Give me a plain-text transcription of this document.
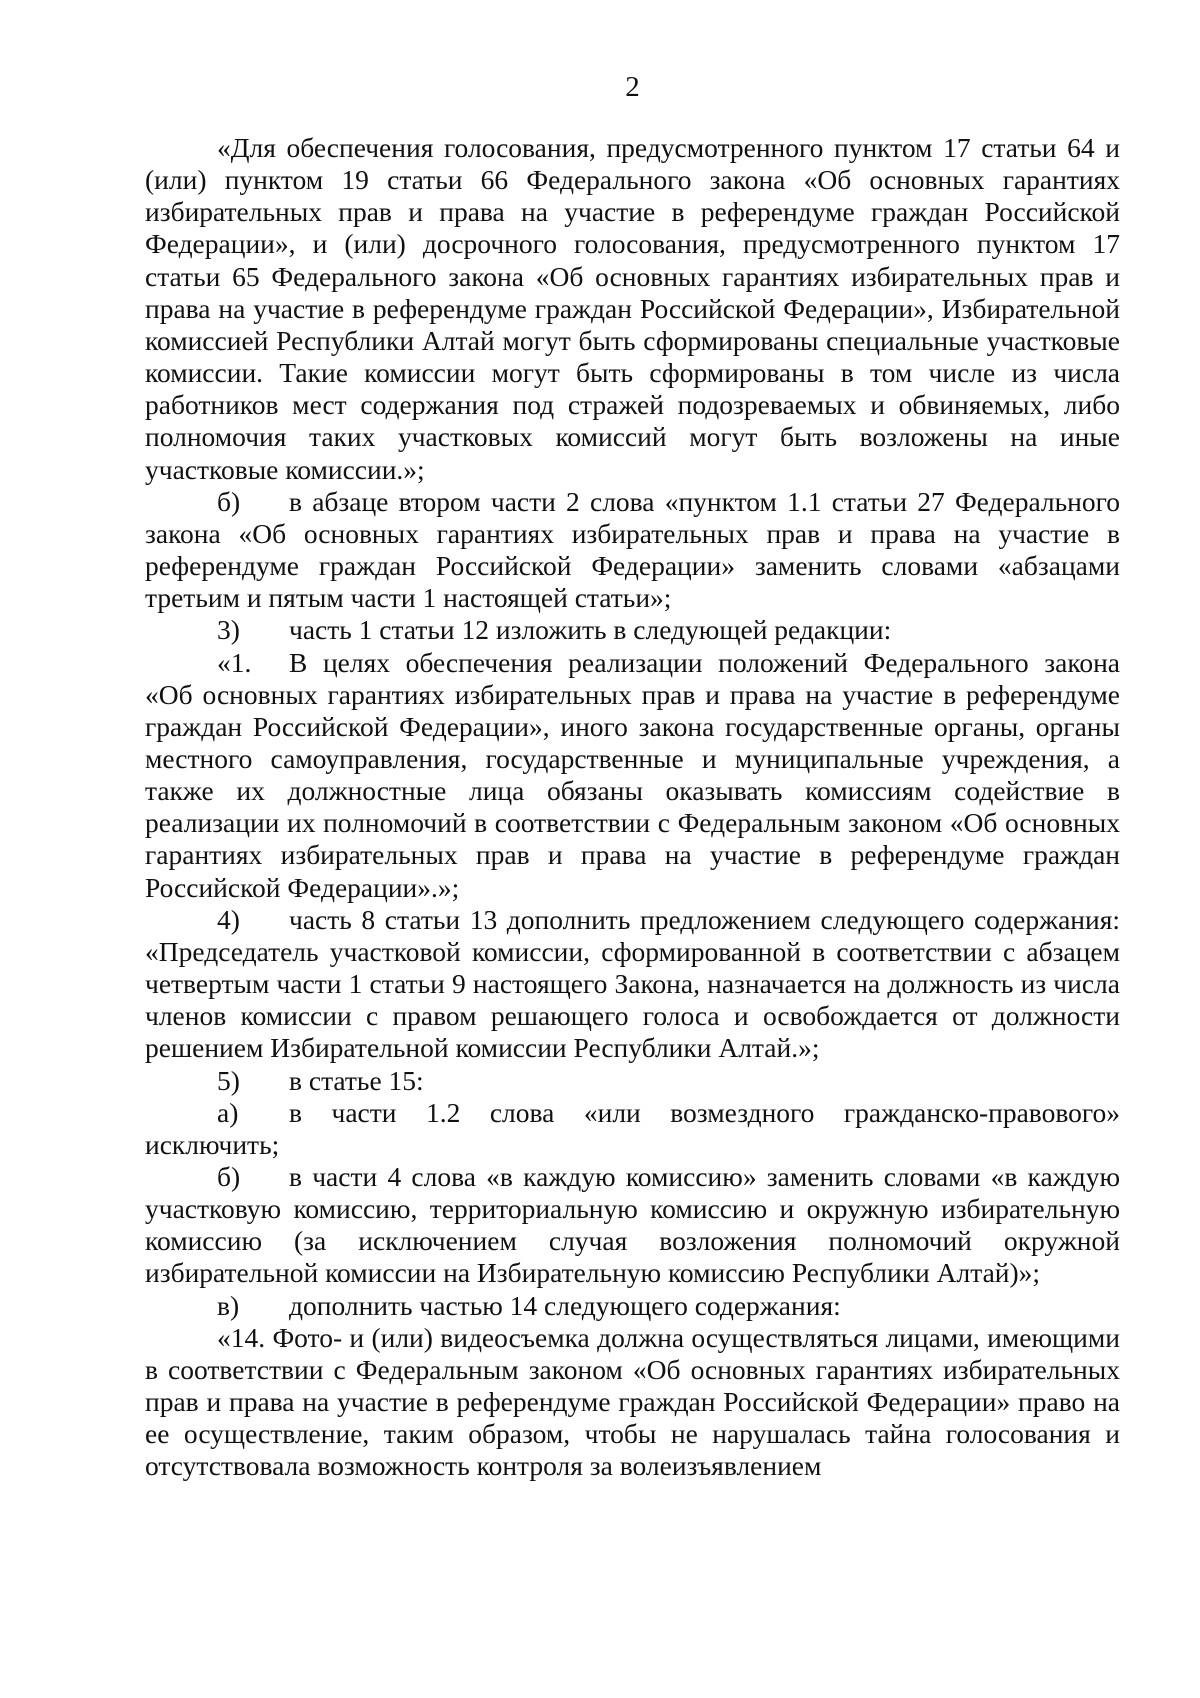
2

«Для обеспечения голосования, предусмотренного пунктом 17 статьи 64 и (или) пунктом 19 статьи 66 Федерального закона «Об основных гарантиях избирательных прав и права на участие в референдуме граждан Российской Федерации», и (или) досрочного голосования, предусмотренного пунктом 17 статьи 65 Федерального закона «Об основных гарантиях избирательных прав и права на участие в референдуме граждан Российской Федерации», Избирательной комиссией Республики Алтай могут быть сформированы специальные участковые комиссии. Такие комиссии могут быть сформированы в том числе из числа работников мест содержания под стражей подозреваемых и обвиняемых, либо полномочия таких участковых комиссий могут быть возложены на иные участковые комиссии.»;

б) в абзаце втором части 2 слова «пунктом 1.1 статьи 27 Федерального закона «Об основных гарантиях избирательных прав и права на участие в референдуме граждан Российской Федерации» заменить словами «абзацами третьим и пятым части 1 настоящей статьи»;

3) часть 1 статьи 12 изложить в следующей редакции:

«1. В целях обеспечения реализации положений Федерального закона «Об основных гарантиях избирательных прав и права на участие в референдуме граждан Российской Федерации», иного закона государственные органы, органы местного самоуправления, государственные и муниципальные учреждения, а также их должностные лица обязаны оказывать комиссиям содействие в реализации их полномочий в соответствии с Федеральным законом «Об основных гарантиях избирательных прав и права на участие в референдуме граждан Российской Федерации».»;

4) часть 8 статьи 13 дополнить предложением следующего содержания: «Председатель участковой комиссии, сформированной в соответствии с абзацем четвертым части 1 статьи 9 настоящего Закона, назначается на должность из числа членов комиссии с правом решающего голоса и освобождается от должности решением Избирательной комиссии Республики Алтай.»;

5) в статье 15:

а) в части 1.2 слова «или возмездного гражданско-правового» исключить;

б) в части 4 слова «в каждую комиссию» заменить словами «в каждую участковую комиссию, территориальную комиссию и окружную избирательную комиссию (за исключением случая возложения полномочий окружной избирательной комиссии на Избирательную комиссию Республики Алтай)»;

в) дополнить частью 14 следующего содержания:

«14. Фото- и (или) видеосъемка должна осуществляться лицами, имеющими в соответствии с Федеральным законом «Об основных гарантиях избирательных прав и права на участие в референдуме граждан Российской Федерации» право на ее осуществление, таким образом, чтобы не нарушалась тайна голосования и отсутствовала возможность контроля за волеизъявлением
